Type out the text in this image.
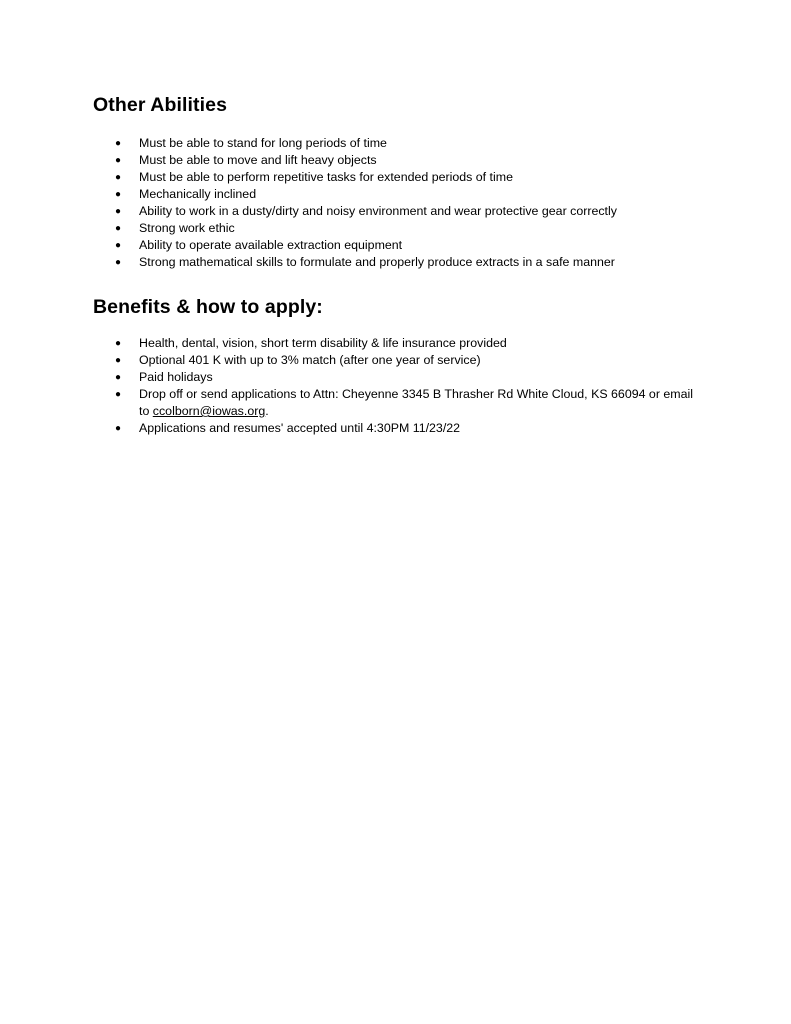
Other Abilities
●	Must be able to stand for long periods of time
●	Must be able to move and lift heavy objects
●	Must be able to perform repetitive tasks for extended periods of time
●	Mechanically inclined
●	Ability to work in a dusty/dirty and noisy environment and wear protective gear correctly
●	Strong work ethic
●	Ability to operate available extraction equipment
●	Strong mathematical skills to formulate and properly produce extracts in a safe manner
Benefits & how to apply:
●	Health, dental, vision, short term disability & life insurance provided
●	Optional 401 K with up to 3% match (after one year of service)
●	Paid holidays
●	Drop off or send applications to Attn: Cheyenne 3345 B Thrasher Rd White Cloud, KS 66094 or email to ccolborn@iowas.org.
●	Applications and resumes' accepted until 4:30PM 11/23/22
